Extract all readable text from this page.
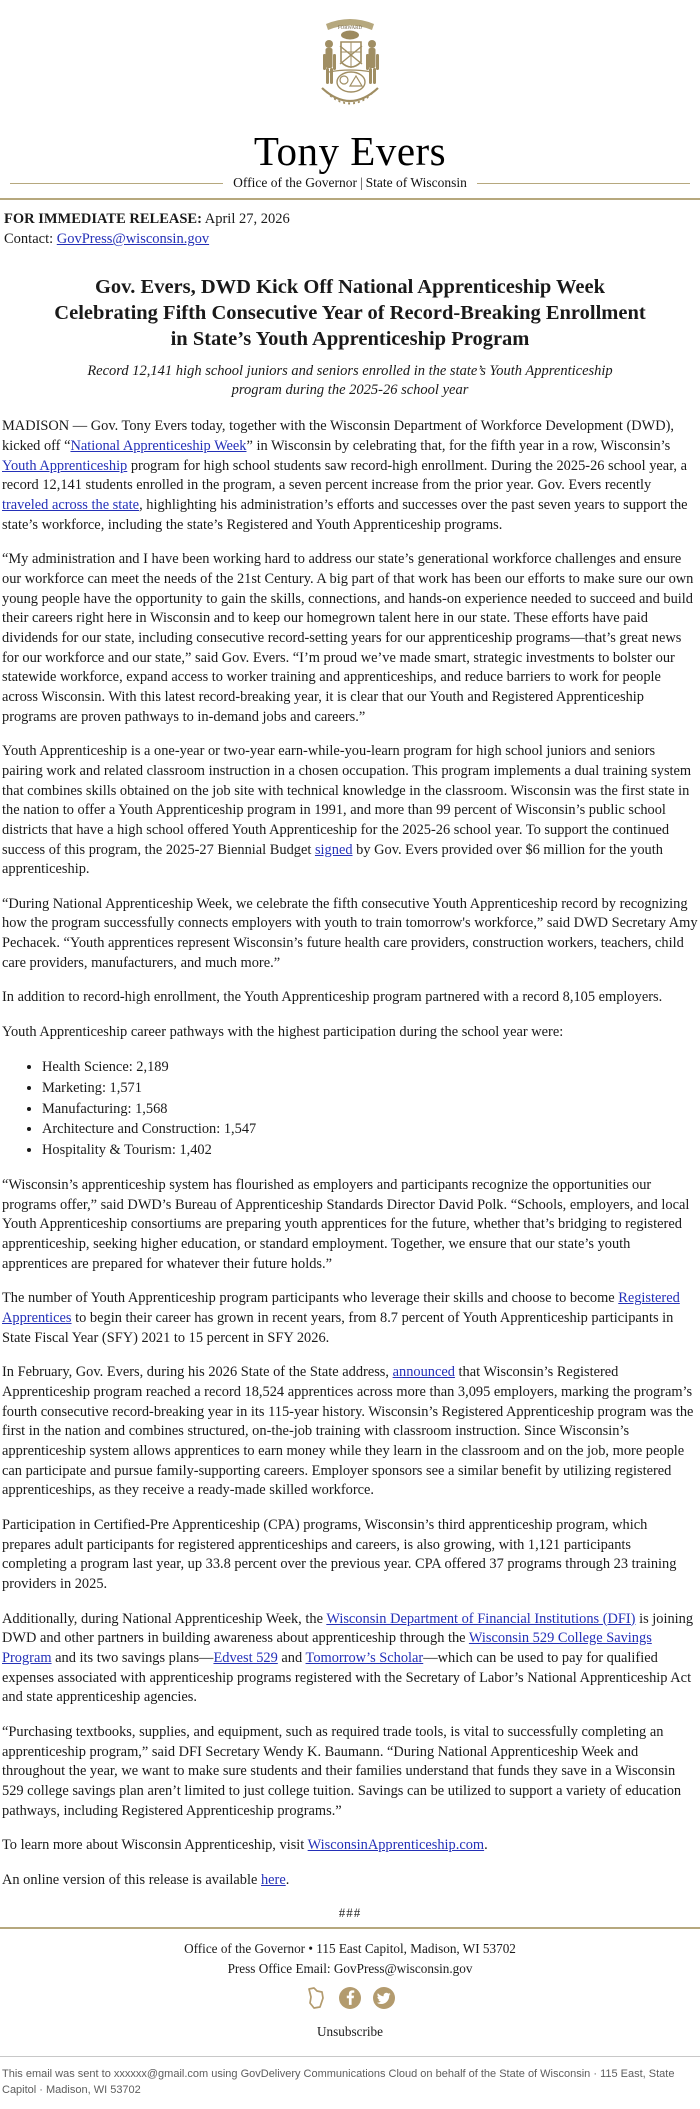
FORWARD
Tony Evers
Office of the Governor | State of Wisconsin
FOR IMMEDIATE RELEASE: April 27, 2026
Contact: GovPress@wisconsin.gov
Gov. Evers, DWD Kick Off National Apprenticeship Week
Celebrating Fifth Consecutive Year of Record-Breaking Enrollment
in State’s Youth Apprenticeship Program
Record 12,141 high school juniors and seniors enrolled in the state’s Youth Apprenticeship program during the 2025-26 school year

MADISON — Gov. Tony Evers today, together with the Wisconsin Department of Workforce Development (DWD), kicked off “National Apprenticeship Week” in Wisconsin by celebrating that, for the fifth year in a row, Wisconsin’s Youth Apprenticeship program for high school students saw record-high enrollment. During the 2025-26 school year, a record 12,141 students enrolled in the program, a seven percent increase from the prior year. Gov. Evers recently traveled across the state, highlighting his administration’s efforts and successes over the past seven years to support the state’s workforce, including the state’s Registered and Youth Apprenticeship programs.

“My administration and I have been working hard to address our state’s generational workforce challenges and ensure our workforce can meet the needs of the 21st Century. A big part of that work has been our efforts to make sure our own young people have the opportunity to gain the skills, connections, and hands-on experience needed to succeed and build their careers right here in Wisconsin and to keep our homegrown talent here in our state. These efforts have paid dividends for our state, including consecutive record-setting years for our apprenticeship programs—that’s great news for our workforce and our state,” said Gov. Evers. “I’m proud we’ve made smart, strategic investments to bolster our statewide workforce, expand access to worker training and apprenticeships, and reduce barriers to work for people across Wisconsin. With this latest record-breaking year, it is clear that our Youth and Registered Apprenticeship programs are proven pathways to in-demand jobs and careers.”

Youth Apprenticeship is a one-year or two-year earn-while-you-learn program for high school juniors and seniors pairing work and related classroom instruction in a chosen occupation. This program implements a dual training system that combines skills obtained on the job site with technical knowledge in the classroom. Wisconsin was the first state in the nation to offer a Youth Apprenticeship program in 1991, and more than 99 percent of Wisconsin’s public school districts that have a high school offered Youth Apprenticeship for the 2025-26 school year. To support the continued success of this program, the 2025-27 Biennial Budget signed by Gov. Evers provided over $6 million for the youth apprenticeship.

“During National Apprenticeship Week, we celebrate the fifth consecutive Youth Apprenticeship record by recognizing how the program successfully connects employers with youth to train tomorrow's workforce,” said DWD Secretary Amy Pechacek. “Youth apprentices represent Wisconsin’s future health care providers, construction workers, teachers, child care providers, manufacturers, and much more.”

In addition to record-high enrollment, the Youth Apprenticeship program partnered with a record 8,105 employers.

Youth Apprenticeship career pathways with the highest participation during the school year were:

• Health Science: 2,189
• Marketing: 1,571
• Manufacturing: 1,568
• Architecture and Construction: 1,547
• Hospitality & Tourism: 1,402

“Wisconsin’s apprenticeship system has flourished as employers and participants recognize the opportunities our programs offer,” said DWD’s Bureau of Apprenticeship Standards Director David Polk. “Schools, employers, and local Youth Apprenticeship consortiums are preparing youth apprentices for the future, whether that’s bridging to registered apprenticeship, seeking higher education, or standard employment. Together, we ensure that our state’s youth apprentices are prepared for whatever their future holds.”

The number of Youth Apprenticeship program participants who leverage their skills and choose to become Registered Apprentices to begin their career has grown in recent years, from 8.7 percent of Youth Apprenticeship participants in State Fiscal Year (SFY) 2021 to 15 percent in SFY 2026.

In February, Gov. Evers, during his 2026 State of the State address, announced that Wisconsin’s Registered Apprenticeship program reached a record 18,524 apprentices across more than 3,095 employers, marking the program’s fourth consecutive record-breaking year in its 115-year history. Wisconsin’s Registered Apprenticeship program was the first in the nation and combines structured, on-the-job training with classroom instruction. Since Wisconsin’s apprenticeship system allows apprentices to earn money while they learn in the classroom and on the job, more people can participate and pursue family-supporting careers. Employer sponsors see a similar benefit by utilizing registered apprenticeships, as they receive a ready-made skilled workforce.

Participation in Certified-Pre Apprenticeship (CPA) programs, Wisconsin’s third apprenticeship program, which prepares adult participants for registered apprenticeships and careers, is also growing, with 1,121 participants completing a program last year, up 33.8 percent over the previous year. CPA offered 37 programs through 23 training providers in 2025.

Additionally, during National Apprenticeship Week, the Wisconsin Department of Financial Institutions (DFI) is joining DWD and other partners in building awareness about apprenticeship through the Wisconsin 529 College Savings Program and its two savings plans—Edvest 529 and Tomorrow’s Scholar—which can be used to pay for qualified expenses associated with apprenticeship programs registered with the Secretary of Labor’s National Apprenticeship Act and state apprenticeship agencies.

“Purchasing textbooks, supplies, and equipment, such as required trade tools, is vital to successfully completing an apprenticeship program,” said DFI Secretary Wendy K. Baumann. “During National Apprenticeship Week and throughout the year, we want to make sure students and their families understand that funds they save in a Wisconsin 529 college savings plan aren’t limited to just college tuition. Savings can be utilized to support a variety of education pathways, including Registered Apprenticeship programs.”

To learn more about Wisconsin Apprenticeship, visit WisconsinApprenticeship.com.

An online version of this release is available here.

###
Office of the Governor • 115 East Capitol, Madison, WI 53702
Press Office Email: GovPress@wisconsin.gov
Unsubscribe
This email was sent to xxxxxx@gmail.com using GovDelivery Communications Cloud on behalf of the State of Wisconsin · 115 East, State Capitol · Madison, WI 53702
